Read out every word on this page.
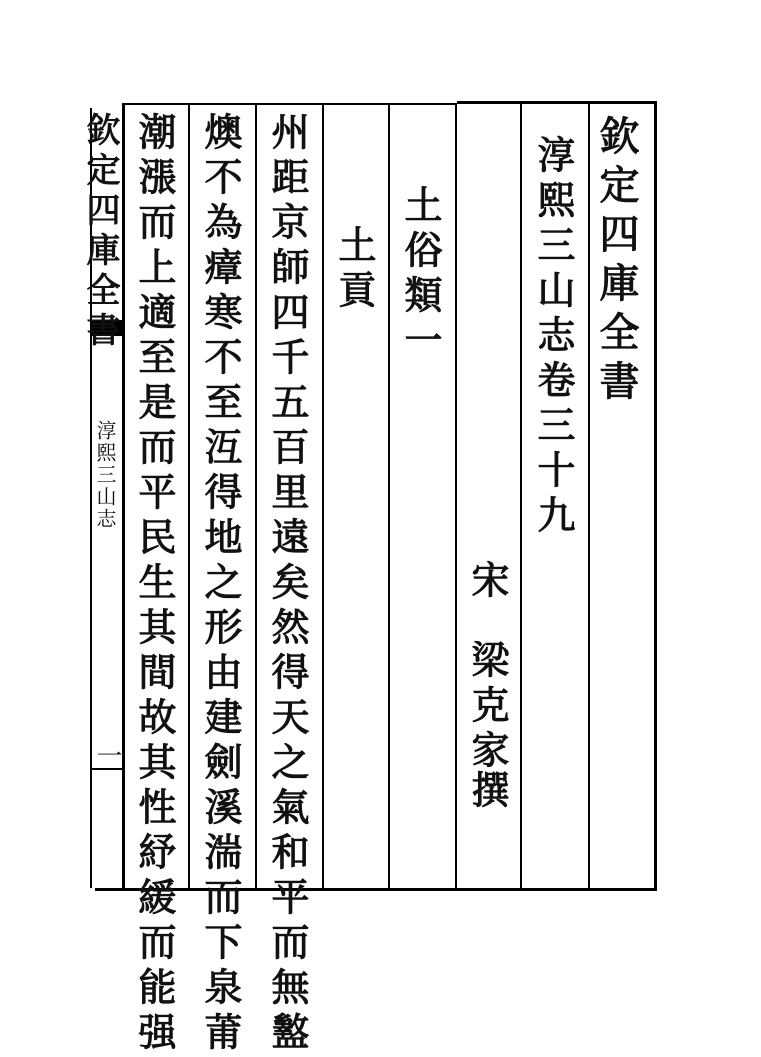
欽定四庫全書
淳熙三山志卷三十九
宋
梁克家
撰
土俗類一
土貢
州距京師四千五百里遠矣然得天之氣和平而無盭
燠不為瘴寒不至沍得地之形由建劍溪湍而下泉莆
潮漲而上適至是而平民生其間故其性紓緩而能强
欽定四庫全書
淳熙三山志
一
